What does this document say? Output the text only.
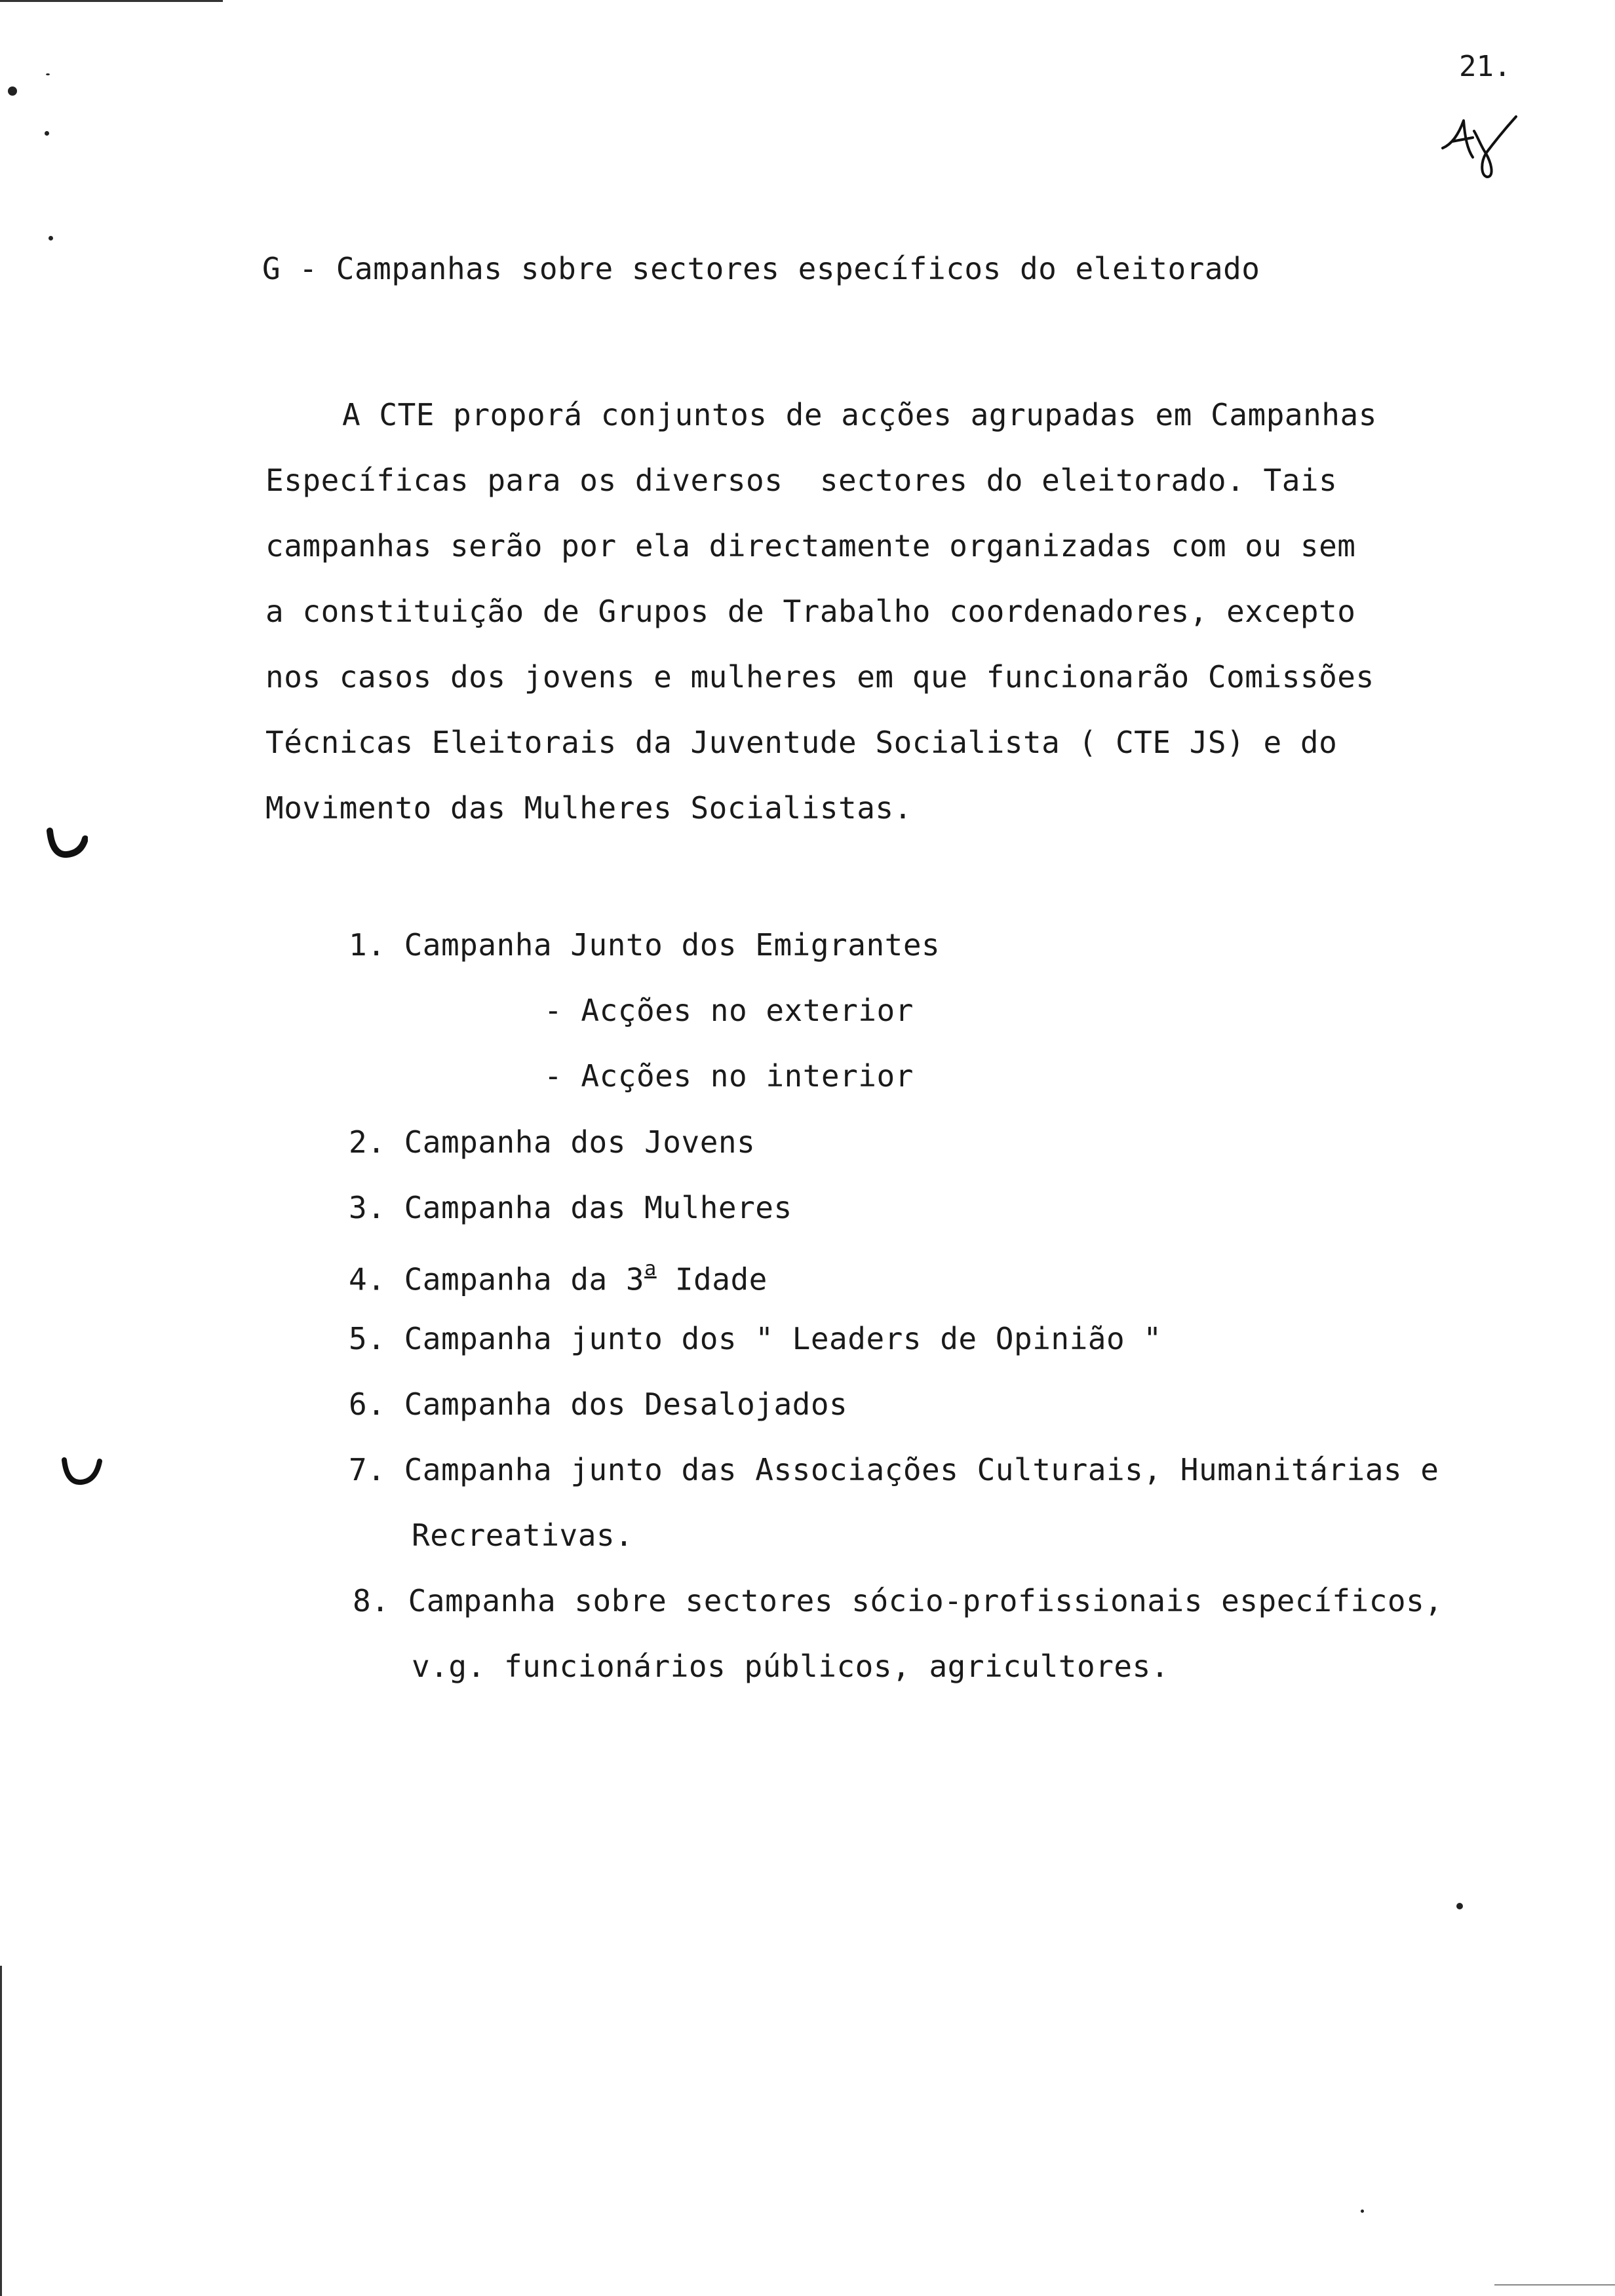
21.
G - Campanhas sobre sectores específicos do eleitorado
A CTE proporá conjuntos de acções agrupadas em Campanhas
Específicas para os diversos  sectores do eleitorado. Tais
campanhas serão por ela directamente organizadas com ou sem
a constituição de Grupos de Trabalho coordenadores, excepto
nos casos dos jovens e mulheres em que funcionarão Comissões
Técnicas Eleitorais da Juventude Socialista ( CTE JS) e do
Movimento das Mulheres Socialistas.
1. Campanha Junto dos Emigrantes
- Acções no exterior
- Acções no interior
2. Campanha dos Jovens
3. Campanha das Mulheres
4. Campanha da 3$^a$ Idade
5. Campanha junto dos " Leaders de Opinião "
6. Campanha dos Desalojados
7. Campanha junto das Associações Culturais, Humanitárias e
Recreativas.
8. Campanha sobre sectores sócio-profissionais específicos,
v.g. funcionários públicos, agricultores.
